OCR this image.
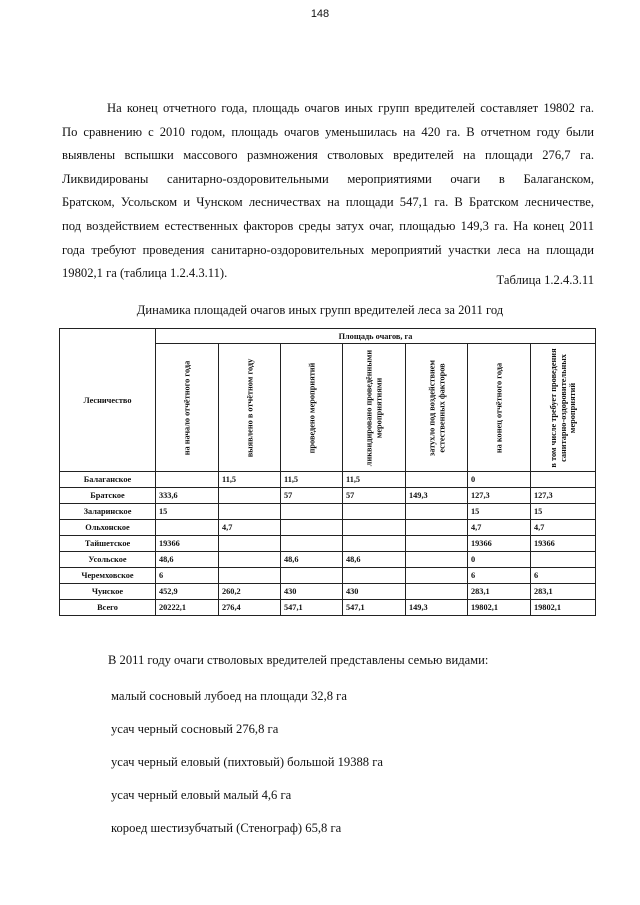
148
На конец отчетного года, площадь очагов иных групп вредителей составляет 19802 га.
По сравнению с 2010 годом, площадь очагов уменьшилась на 420 га. В отчетном году были
выявлены вспышки массового размножения стволовых вредителей на площади 276,7 га.
Ликвидированы санитарно-оздоровительными мероприятиями очаги в Балаганском,
Братском, Усольском и Чунском лесничествах на площади 547,1 га. В Братском лесничестве,
под воздействием естественных факторов среды затух очаг, площадью 149,3 га. На конец 2011
года требуют проведения санитарно-оздоровительных мероприятий участки леса на площади
19802,1 га (таблица 1.2.4.3.11).	Таблица 1.2.4.3.11
Динамика площадей очагов иных групп вредителей леса за 2011 год
Лесничество	Площадь очагов, га						

	на начало отчётного года	выявлено в отчётном году	проведено мероприятий	ликвидировано проведёнными мероприятиями	затухло под воздействием естественных факторов	на конец отчётного года	в том числе требует проведения санитарно-оздоровительных мероприятий

Балаганское		11,5	11,5	11,5		0	
Братское	333,6		57	57	149,3	127,3	127,3
Заларинское	15					15	15
Ольхонское		4,7				4,7	4,7
Тайшетское	19366					19366	19366
Усольское	48,6		48,6	48,6		0	
Черемховское	6					6	6
Чунское	452,9	260,2	430	430		283,1	283,1
Всего	20222,1	276,4	547,1	547,1	149,3	19802,1	19802,1
В 2011 году очаги стволовых вредителей представлены семью видами:
малый сосновый лубоед на площади 32,8 га
усач черный сосновый 276,8 га
усач черный еловый (пихтовый) большой 19388 га
усач черный еловый малый 4,6 га
короед шестизубчатый (Стенограф) 65,8 га
